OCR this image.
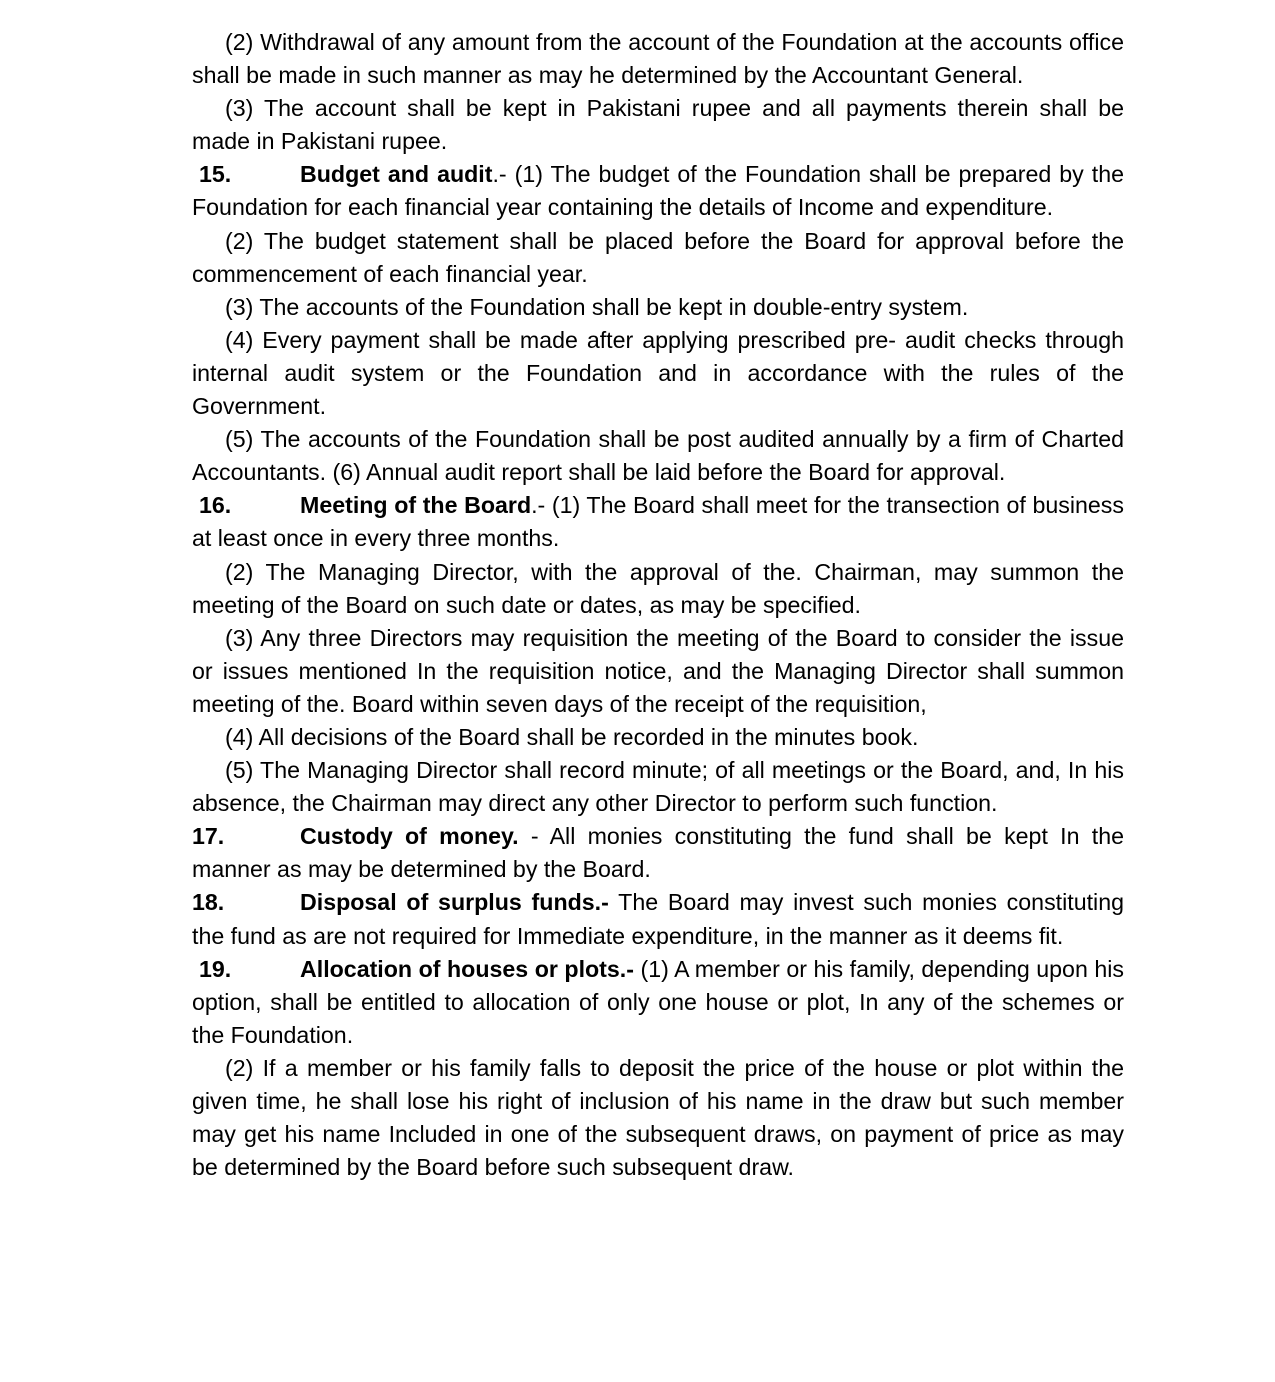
(2) Withdrawal of any amount from the account of the Foundation at the accounts office shall be made in such manner as may he determined by the Accountant General.

(3) The account shall be kept in Pakistani rupee and all payments therein shall be made in Pakistani rupee.

15.	Budget and audit.- (1) The budget of the Foundation shall be prepared by the Foundation for each financial year containing the details of Income and expenditure.

(2) The budget statement shall be placed before the Board for approval before the commencement of each financial year.

(3) The accounts of the Foundation shall be kept in double-entry system.

(4) Every payment shall be made after applying prescribed pre- audit checks through internal audit system or the Foundation and in accordance with the rules of the Government.

(5) The accounts of the Foundation shall be post audited annually by a firm of Charted Accountants. (6) Annual audit report shall be laid before the Board for approval.

16.	Meeting of the Board.- (1) The Board shall meet for the transection of business at least once in every three months.

(2) The Managing Director, with the approval of the. Chairman, may summon the meeting of the Board on such date or dates, as may be specified.

(3) Any three Directors may requisition the meeting of the Board to consider the issue or issues mentioned In the requisition notice, and the Managing Director shall summon meeting of the. Board within seven days of the receipt of the requisition,

(4) All decisions of the Board shall be recorded in the minutes book.

(5) The Managing Director shall record minute; of all meetings or the Board, and, In his absence, the Chairman may direct any other Director to perform such function.

17.	Custody of money. - All monies constituting the fund shall be kept In the manner as may be determined by the Board.

18.	Disposal of surplus funds.- The Board may invest such monies constituting the fund as are not required for Immediate expenditure, in the manner as it deems fit.

19.	Allocation of houses or plots.- (1) A member or his family, depending upon his option, shall be entitled to allocation of only one house or plot, In any of the schemes or the Foundation.

(2) If a member or his family falls to deposit the price of the house or plot within the given time, he shall lose his right of inclusion of his name in the draw but such member may get his name Included in one of the subsequent draws, on payment of price as may be determined by the Board before such subsequent draw.
